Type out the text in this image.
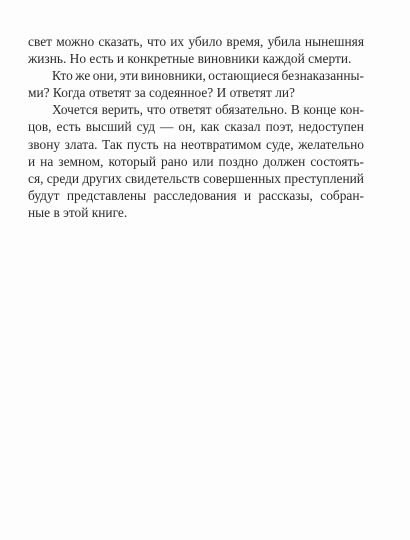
свет можно сказать, что их убило время, убила нынешняя
жизнь. Но есть и конкретные виновники каждой смерти.
Кто же они, эти виновники, остающиеся безнаказанны-
ми? Когда ответят за содеянное? И ответят ли?
Хочется верить, что ответят обязательно. В конце кон-
цов, есть высший суд — он, как сказал поэт, недоступен
звону злата. Так пусть на неотвратимом суде, желательно
и на земном, который рано или поздно должен состоять-
ся, среди других свидетельств совершенных преступлений
будут представлены расследования и рассказы, собран-
ные в этой книге.
